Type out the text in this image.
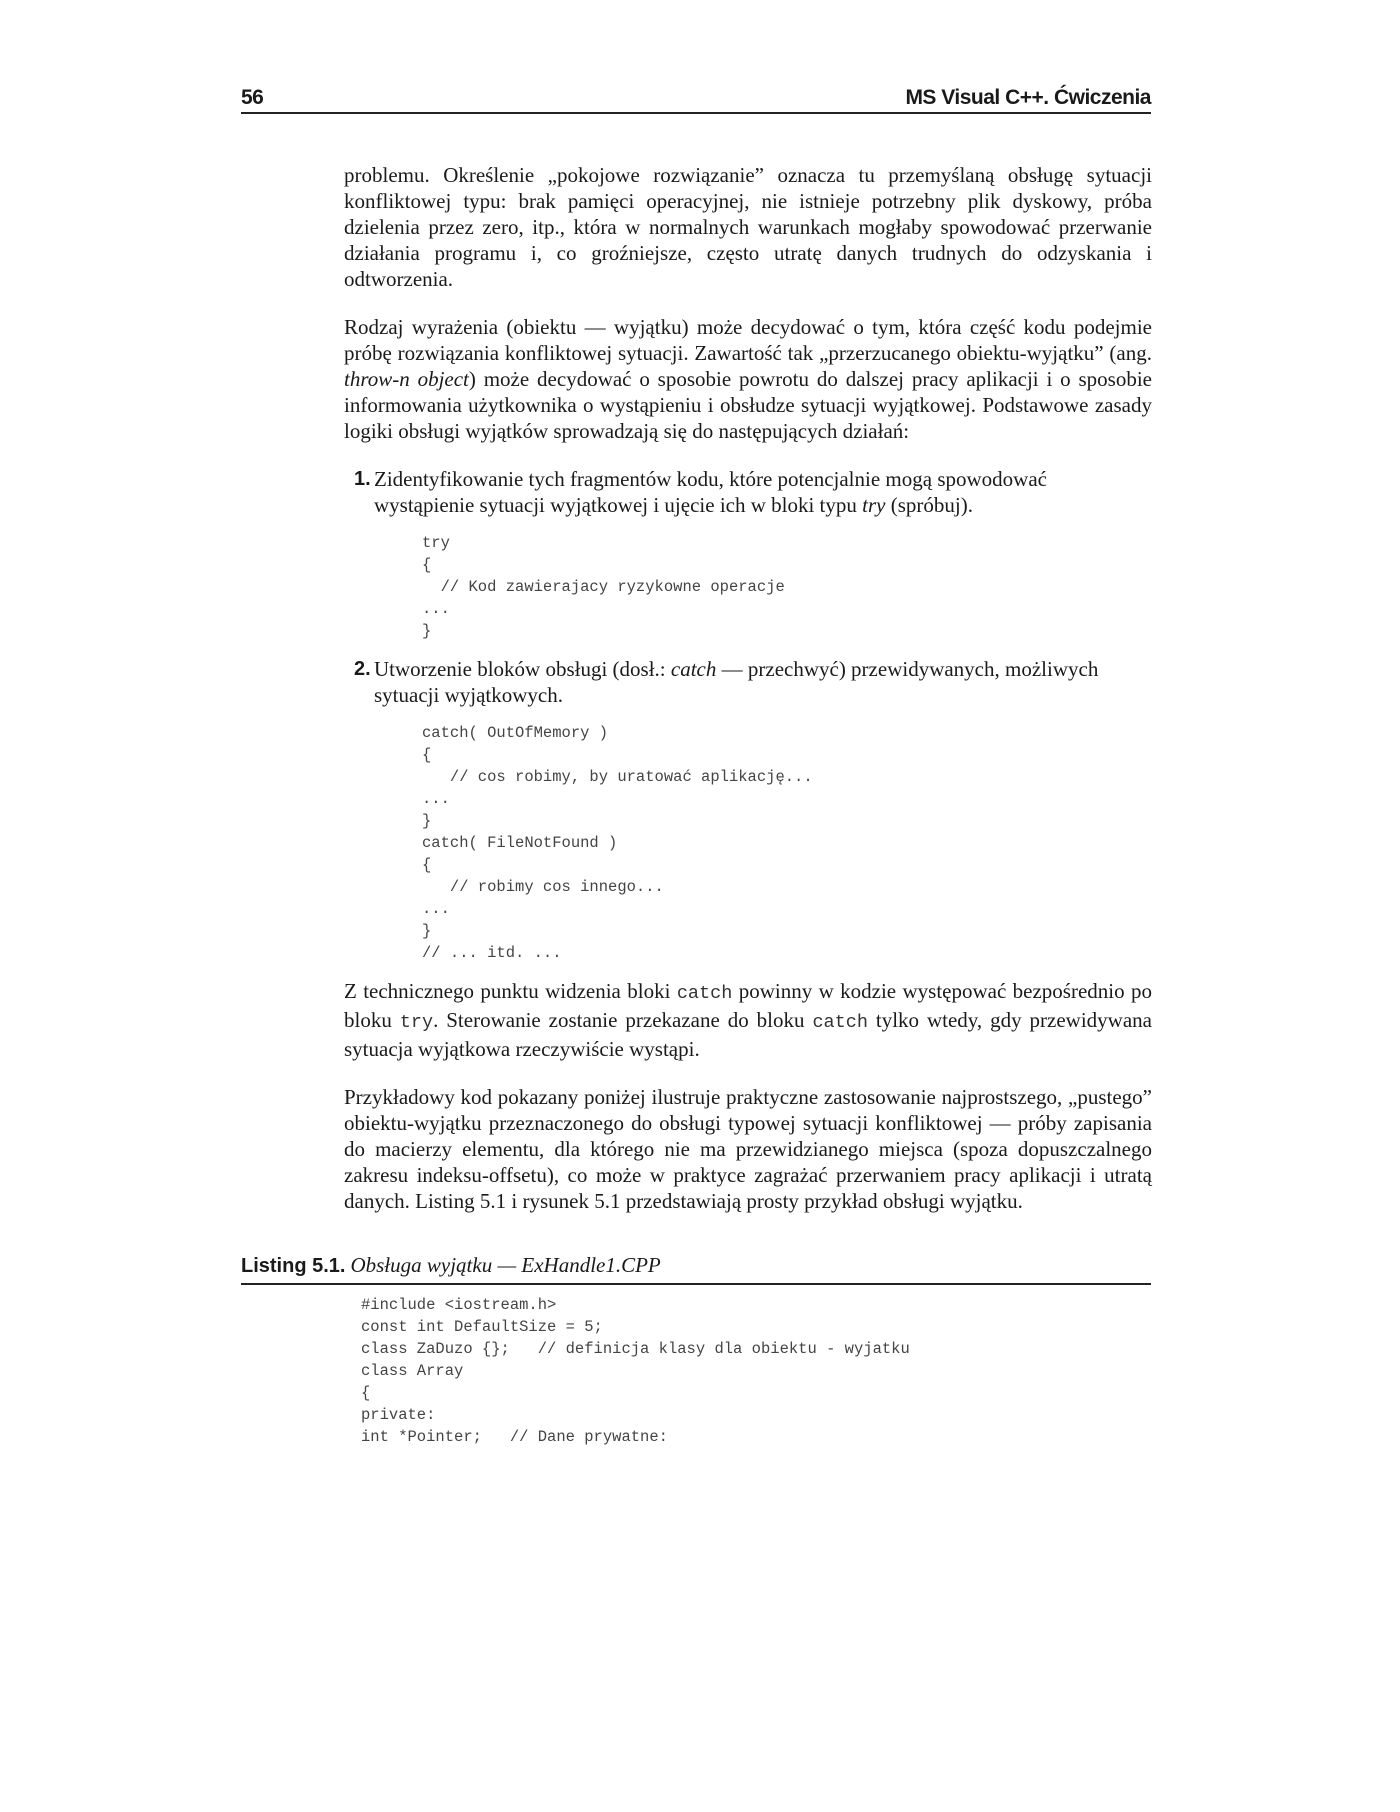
56	MS Visual C++. Ćwiczenia

problemu. Określenie „pokojowe rozwiązanie” oznacza tu przemyślaną obsługę sytuacji konfliktowej typu: brak pamięci operacyjnej, nie istnieje potrzebny plik dyskowy, próba dzielenia przez zero, itp., która w normalnych warunkach mogłaby spowodować przerwanie działania programu i, co groźniejsze, często utratę danych trudnych do odzyskania i odtworzenia.

Rodzaj wyrażenia (obiektu — wyjątku) może decydować o tym, która część kodu podejmie próbę rozwiązania konfliktowej sytuacji. Zawartość tak „przerzucanego obiektu-wyjątku” (ang. throw-n object) może decydować o sposobie powrotu do dalszej pracy aplikacji i o sposobie informowania użytkownika o wystąpieniu i obsłudze sytuacji wyjątkowej. Podstawowe zasady logiki obsługi wyjątków sprowadzają się do następujących działań:

1. Zidentyfikowanie tych fragmentów kodu, które potencjalnie mogą spowodować wystąpienie sytuacji wyjątkowej i ujęcie ich w bloki typu try (spróbuj).
try
{
// Kod zawierajacy ryzykowne operacje
...
}
2. Utworzenie bloków obsługi (dosł.: catch — przechwyć) przewidywanych, możliwych sytuacji wyjątkowych.
catch( OutOfMemory )
{
// cos robimy, by uratować aplikację...
...
}
catch( FileNotFound )
{
// robimy cos innego...
...
}
// ... itd. ...

Z technicznego punktu widzenia bloki catch powinny w kodzie występować bezpośrednio po bloku try. Sterowanie zostanie przekazane do bloku catch tylko wtedy, gdy przewidywana sytuacja wyjątkowa rzeczywiście wystąpi.

Przykładowy kod pokazany poniżej ilustruje praktyczne zastosowanie najprostszego, „pustego” obiektu-wyjątku przeznaczonego do obsługi typowej sytuacji konfliktowej — próby zapisania do macierzy elementu, dla którego nie ma przewidzianego miejsca (spoza dopuszczalnego zakresu indeksu-offsetu), co może w praktyce zagrażać przerwaniem pracy aplikacji i utratą danych. Listing 5.1 i rysunek 5.1 przedstawiają prosty przykład obsługi wyjątku.

Listing 5.1. Obsługa wyjątku — ExHandle1.CPP
#include <iostream.h>
const int DefaultSize = 5;
class ZaDuzo {};   // definicja klasy dla obiektu - wyjatku
class Array
{
private:
int *Pointer;   // Dane prywatne:
